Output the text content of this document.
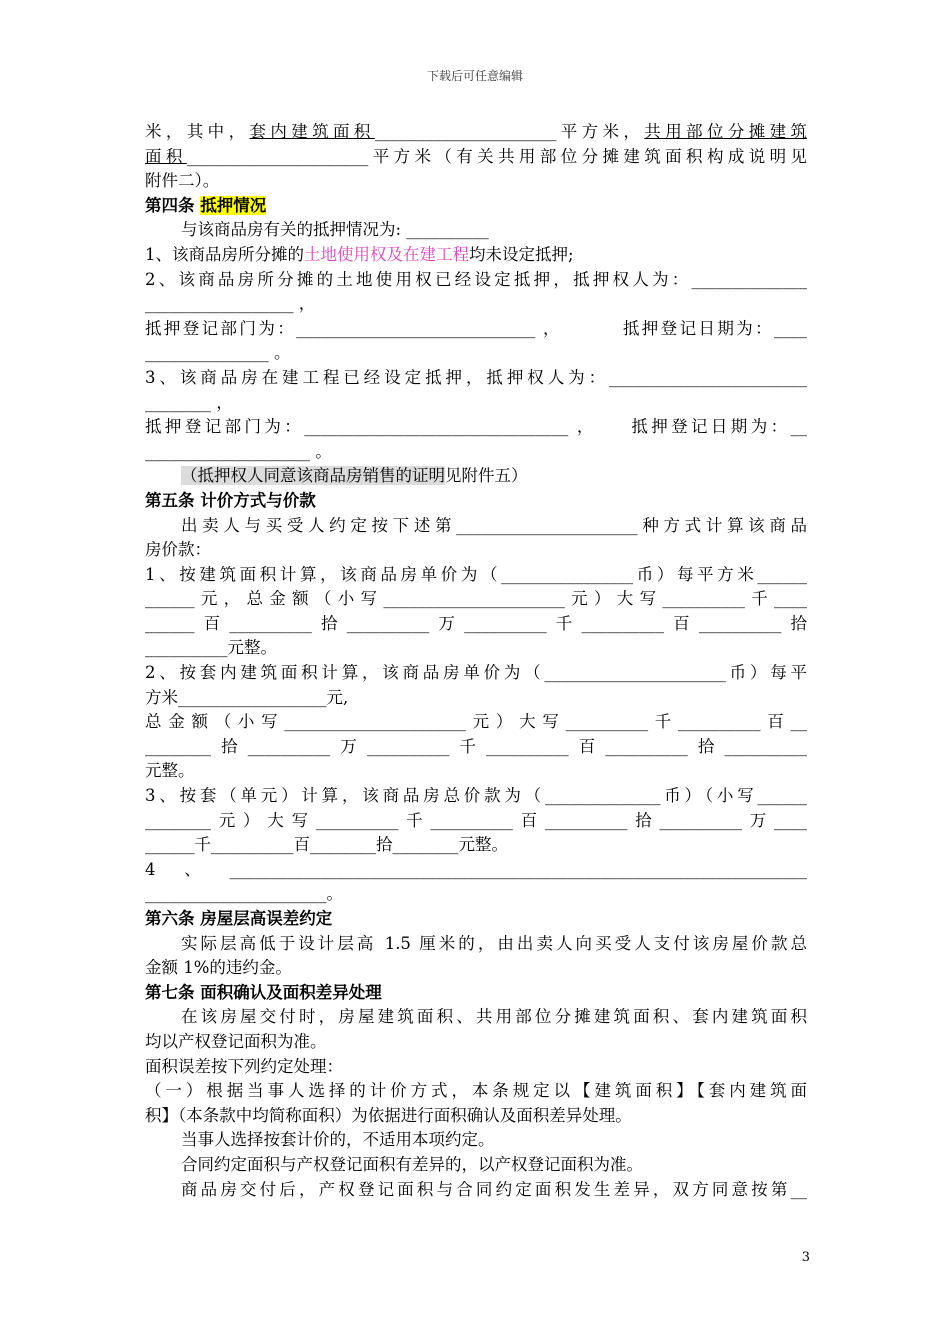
下载后可任意编辑
米，其中，套内建筑面积______________________平方米，共用部位分摊建筑
面积______________________平方米（有关共用部位分摊建筑面积构成说明见
附件二）。
第四条 抵押情况
与该商品房有关的抵押情况为: __________
1、该商品房所分摊的土地使用权及在建工程均未设定抵押;
2、该商品房所分摊的土地使用权已经设定抵押，抵押权人为：______________
__________________ ，
抵押登记部门为：_____________________________ ，	抵押登记日期为：____
_______________ 。
3、该商品房在建工程已经设定抵押，抵押权人为：________________________
________ ，
抵押登记部门为：________________________________ ， 抵押登记日期为：__
____________________ 。
（抵押权人同意该商品房销售的证明见附件五）
第五条 计价方式与价款
出卖人与买受人约定按下述第______________________种方式计算该商品
房价款：
1、按建筑面积计算，该商品房单价为（________________币）每平方米______
______元，总金额（小写______________________元）大写__________千____
______百__________拾__________万__________千__________百__________拾
__________元整。
2、按套内建筑面积计算，该商品房单价为（______________________币）每平
方米__________________元,
总金额（小写______________________元）大写__________千__________百__
________拾__________万__________千__________百__________拾__________
元整。
3、按套（单元）计算，该商品房总价款为（______________币）（小写______
________元）大写__________千__________百__________拾__________万____
______千__________百________拾________元整。
4、______________________________________________________________________
______________________。
第六条 房屋层高误差约定
实际层高低于设计层高 1.5 厘米的，由出卖人向买受人支付该房屋价款总
金额 1%的违约金。
第七条 面积确认及面积差异处理
在该房屋交付时，房屋建筑面积、共用部位分摊建筑面积、套内建筑面积
均以产权登记面积为准。
面积误差按下列约定处理：
（一）根据当事人选择的计价方式，本条规定以【建筑面积】【套内建筑面
积】（本条款中均简称面积）为依据进行面积确认及面积差异处理。
当事人选择按套计价的，不适用本项约定。
合同约定面积与产权登记面积有差异的，以产权登记面积为准。
商品房交付后，产权登记面积与合同约定面积发生差异，双方同意按第__
3
